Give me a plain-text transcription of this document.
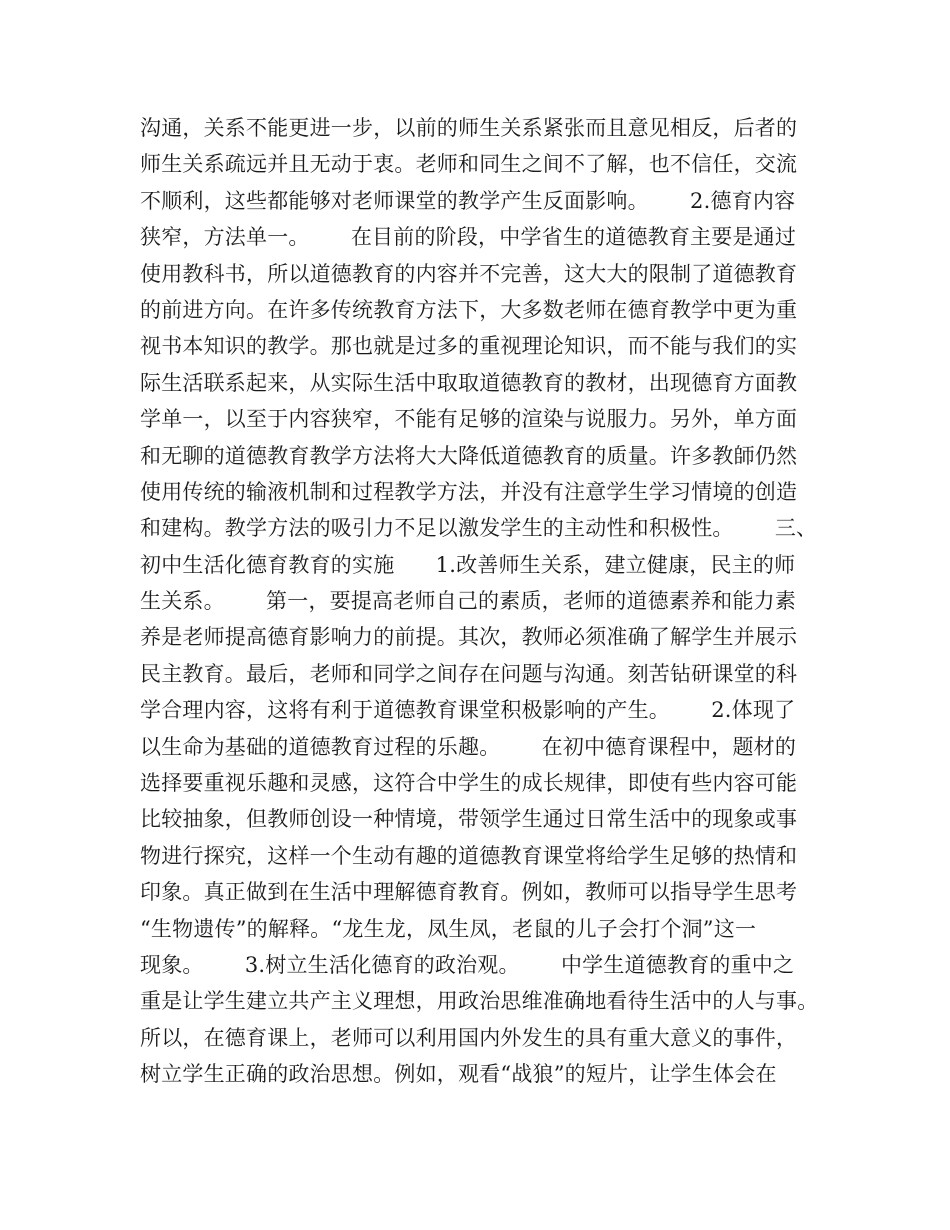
沟通，关系不能更进一步，以前的师生关系紧张而且意见相反，后者的
师生关系疏远并且无动于衷。老师和同生之间不了解，也不信任，交流
不顺利，这些都能够对老师课堂的教学产生反面影响。      2.德育内容
狭窄，方法单一。      在目前的阶段，中学省生的道德教育主要是通过
使用教科书，所以道德教育的内容并不完善，这大大的限制了道德教育
的前进方向。在许多传统教育方法下，大多数老师在德育教学中更为重
视书本知识的教学。那也就是过多的重视理论知识，而不能与我们的实
际生活联系起来，从实际生活中取取道德教育的教材，出现德育方面教
学单一，以至于内容狭窄，不能有足够的渲染与说服力。另外，单方面
和无聊的道德教育教学方法将大大降低道德教育的质量。许多教師仍然
使用传统的输液机制和过程教学方法，并没有注意学生学习情境的创造
和建构。教学方法的吸引力不足以激发学生的主动性和积极性。      三、
初中生活化德育教育的实施      1.改善师生关系，建立健康，民主的师
生关系。      第一，要提高老师自己的素质，老师的道德素养和能力素
养是老师提高德育影响力的前提。其次，教师必须准确了解学生并展示
民主教育。最后，老师和同学之间存在问题与沟通。刻苦钻研课堂的科
学合理内容，这将有利于道德教育课堂积极影响的产生。      2.体现了
以生命为基础的道德教育过程的乐趣。      在初中德育课程中，题材的
选择要重视乐趣和灵感，这符合中学生的成长规律，即使有些内容可能
比较抽象，但教师创设一种情境，带领学生通过日常生活中的现象或事
物进行探究，这样一个生动有趣的道德教育课堂将给学生足够的热情和
印象。真正做到在生活中理解德育教育。例如，教师可以指导学生思考
“生物遗传”的解释。“龙生龙，凤生凤，老鼠的儿子会打个洞”这一
现象。      3.树立生活化德育的政治观。      中学生道德教育的重中之
重是让学生建立共产主义理想，用政治思维准确地看待生活中的人与事。
所以，在德育课上，老师可以利用国内外发生的具有重大意义的事件，
树立学生正确的政治思想。例如，观看“战狼”的短片，让学生体会在
